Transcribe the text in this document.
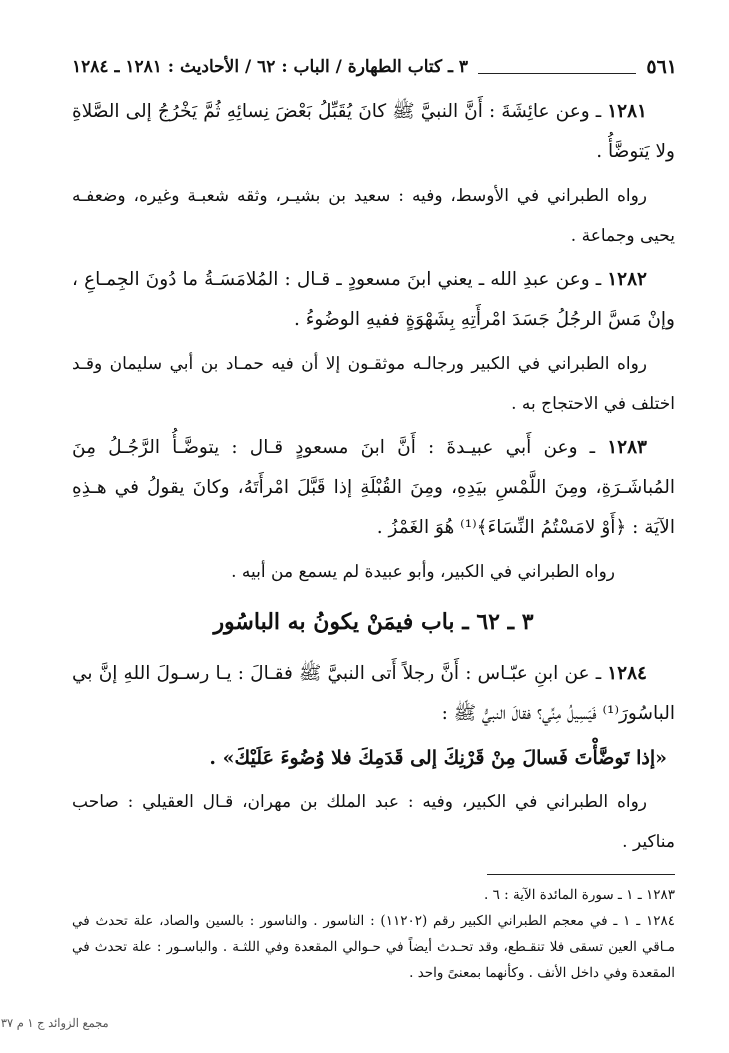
٥٦١
٣ ـ كتاب الطهارة / الباب : ٦٢ / الأحاديث : ١٢٨١ ـ ١٢٨٤

١٢٨١ ـ وعن عائِشَةَ : أَنَّ النبيَّ ﷺ كانَ يُقَبِّلُ بَعْضَ نِسائِهِ ثُمَّ يَخْرُجُ إلى الصَّلاةِ ولا يَتوضَّأُ .

رواه الطبراني في الأوسط، وفيه : سعيد بن بشيـر، وثقه شعبـة وغيره، وضعفـه يحيى وجماعة .

١٢٨٢ ـ وعن عبدِ الله ـ يعني ابنَ مسعودٍ ـ قـال : المُلامَسَـةُ ما دُونَ الجِمـاعِ ، وإنْ مَسَّ الرجُلُ جَسَدَ امْرأَتِهِ بِشَهْوَةٍ ففيهِ الوضُوءُ .

رواه الطبراني في الكبير ورجالـه موثقـون إلا أن فيه حمـاد بن أبي سليمان وقـد اختلف في الاحتجاج به .

١٢٨٣ ـ وعن أَبي عبيـدةَ : أَنَّ ابنَ مسعودٍ قـال : يتوضَّـأُ الرَّجُـلُ مِنَ المُباشَـرَةِ، ومِنَ اللَّمْسِ بيَدِهِ، ومِنَ القُبْلَةِ إذا قَبَّلَ امْرأَتَهُ، وكانَ يقولُ في هـذِهِ الآيَة : ﴿أَوْ لامَسْتُمُ النِّسَاءَ﴾⁽¹⁾ هُوَ الغَمْزُ .

رواه الطبراني في الكبير، وأبو عبيدة لم يسمع من أبيه .

٣ ـ ٦٢ ـ باب فيمَنْ يكونُ به الباسُور

١٢٨٤ ـ عن ابنِ عبّـاس : أَنَّ رجلاً أَتى النبيَّ ﷺ فقـالَ : يـا رسـولَ اللهِ إنَّ بي الباسُورَ⁽¹⁾ فَيَسِيلُ مِنِّي؟ فقالَ النبيُّ ﷺ :

«إذا تَوضَّأْتَ فَسالَ مِنْ قَرْنِكَ إلى قَدَمِكَ فلا وُضُوءَ عَلَيْكَ» .

رواه الطبراني في الكبير، وفيه : عبد الملك بن مهران، قـال العقيلي : صاحب مناكير .

١٢٨٣ ـ ١ ـ سورة المائدة الآية : ٦ .

١٢٨٤ ـ ١ ـ في معجم الطبراني الكبير رقم (١١٢٠٢) : الناسور . والناسور : بالسين والصاد، علة تحدث في مـاقي العين تسقى فلا تنقـطع، وقد تحـدث أيضاً في حـوالي المقعدة وفي اللثـة . والباسـور : علة تحدث في المقعدة وفي داخل الأنف . وكأنهما بمعنىً واحد .

مجمع الزوائد ج ١ م ٣٧
